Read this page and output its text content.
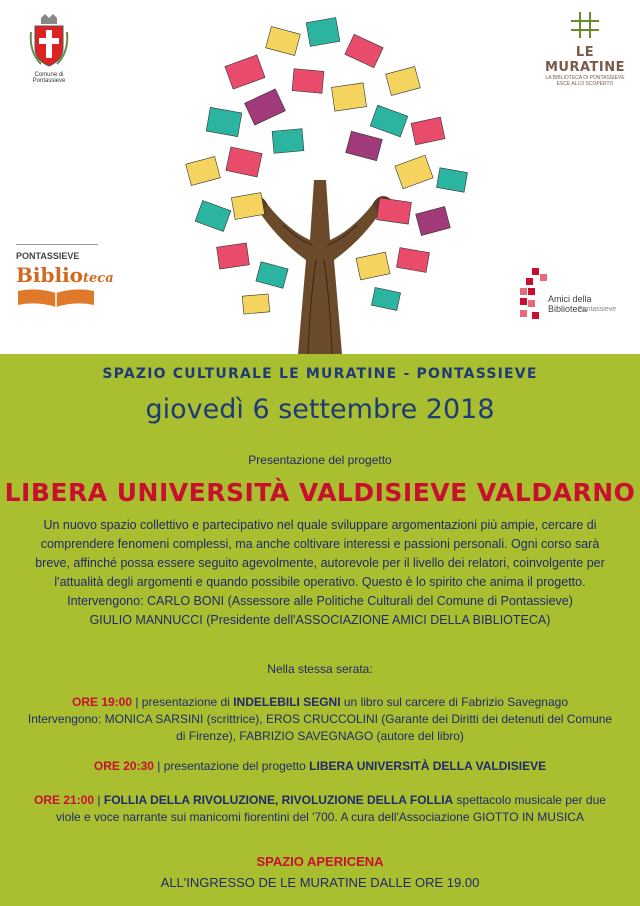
Comune di Pontassieve
LE MURATINE
LA BIBLIOTECA DI PONTASSIEVE ESCE ALLO SCOPERTO
PONTASSIEVE
Biblioteca
Amici della Biblioteca
Pontassieve
SPAZIO CULTURALE LE MURATINE - PONTASSIEVE
giovedì 6 settembre 2018
Presentazione del progetto
LIBERA UNIVERSITÀ VALDISIEVE VALDARNO
Un nuovo spazio collettivo e partecipativo nel quale sviluppare argomentazioni più ampie, cercare di comprendere fenomeni complessi, ma anche coltivare interessi e passioni personali. Ogni corso sarà breve, affinché possa essere seguito agevolmente, autorevole per il livello dei relatori, coinvolgente per l'attualità degli argomenti e quando possibile operativo. Questo è lo spirito che anima il progetto.
Intervengono: CARLO BONI (Assessore alle Politiche Culturali del Comune di Pontassieve)
GIULIO MANNUCCI (Presidente dell'ASSOCIAZIONE AMICI DELLA BIBLIOTECA)
Nella stessa serata:
ORE 19:00 | presentazione di INDELEBILI SEGNI un libro sul carcere di Fabrizio Savegnago
Intervengono: MONICA SARSINI (scrittrice), EROS CRUCCOLINI (Garante dei Diritti dei detenuti del Comune di Firenze), FABRIZIO SAVEGNAGO (autore del libro)
ORE 20:30 | presentazione del progetto LIBERA UNIVERSITÀ DELLA VALDISIEVE
ORE 21:00 | FOLLIA DELLA RIVOLUZIONE, RIVOLUZIONE DELLA FOLLIA spettacolo musicale per due viole e voce narrante sui manicomi fiorentini del '700. A cura dell'Associazione GIOTTO IN MUSICA
SPAZIO APERICENA
ALL'INGRESSO DE LE MURATINE DALLE ORE 19.00
